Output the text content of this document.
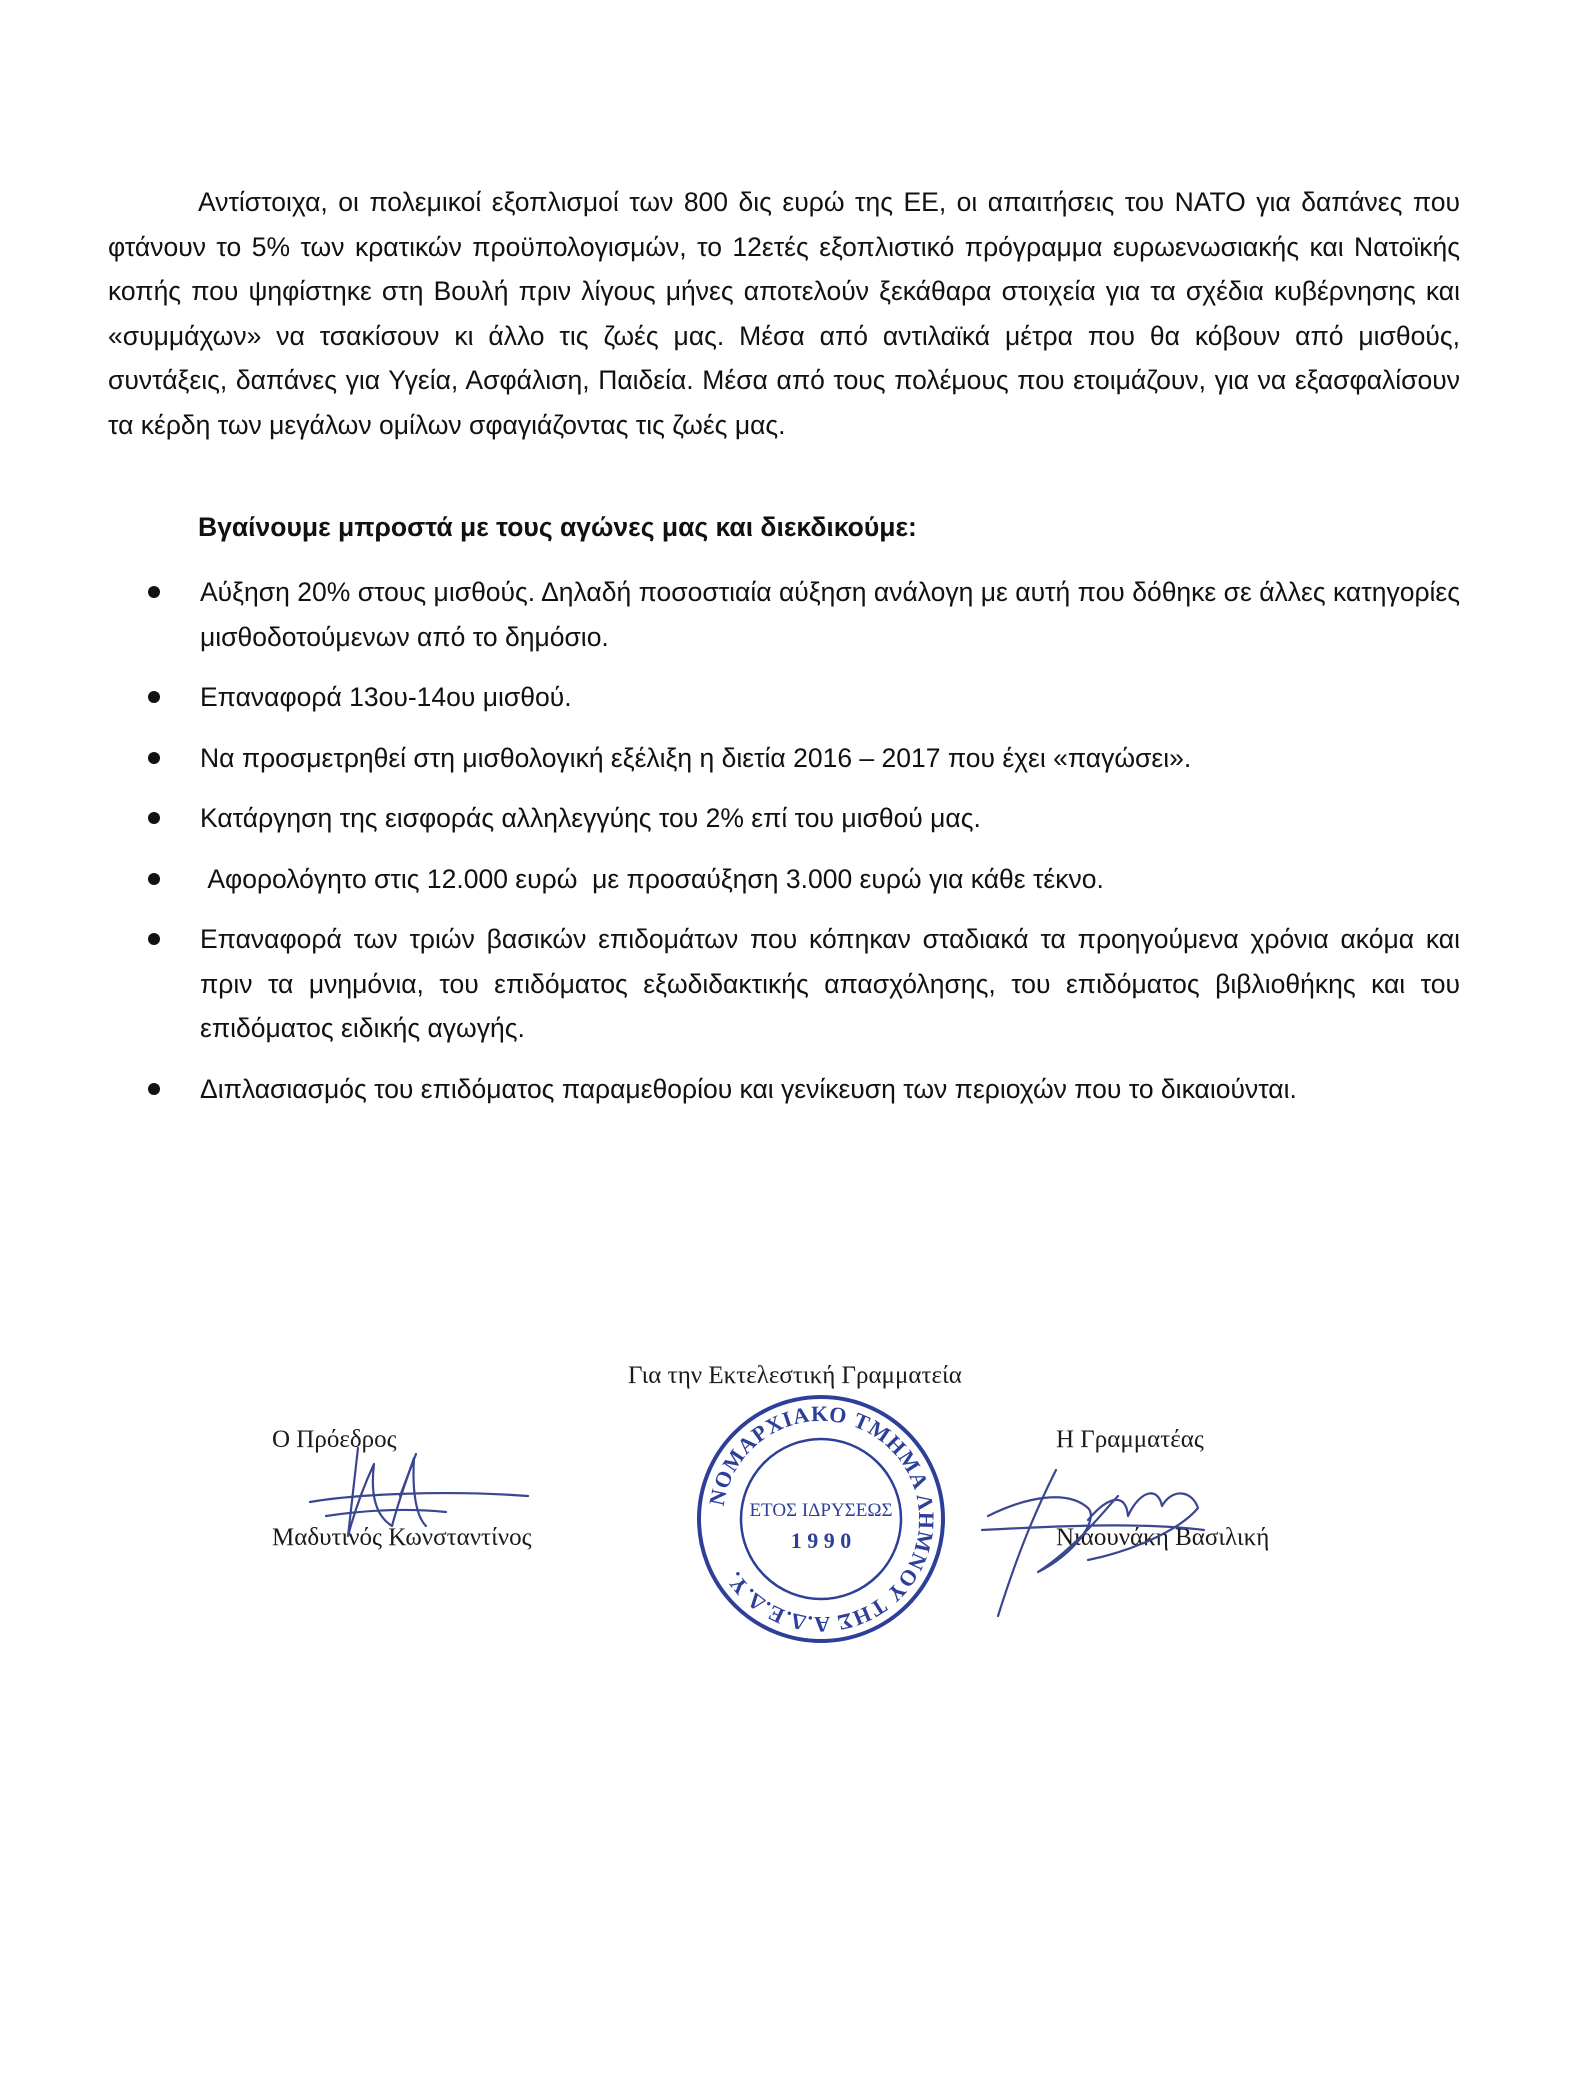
Αντίστοιχα, οι πολεμικοί εξοπλισμοί των 800 δις ευρώ της ΕΕ, οι απαιτήσεις του ΝΑΤΟ για δαπάνες που φτάνουν το 5% των κρατικών προϋπολογισμών, το 12ετές εξοπλιστικό πρόγραμμα ευρωενωσιακής και Νατοϊκής κοπής που ψηφίστηκε στη Βουλή πριν λίγους μήνες αποτελούν ξεκάθαρα στοιχεία για τα σχέδια κυβέρνησης και «συμμάχων» να τσακίσουν κι άλλο τις ζωές μας. Μέσα από αντιλαϊκά μέτρα που θα κόβουν από μισθούς, συντάξεις, δαπάνες για Υγεία, Ασφάλιση, Παιδεία. Μέσα από τους πολέμους που ετοιμάζουν, για να εξασφαλίσουν τα κέρδη των μεγάλων ομίλων σφαγιάζοντας τις ζωές μας.

Βγαίνουμε μπροστά με τους αγώνες μας και διεκδικούμε:

Αύξηση 20% στους μισθούς. Δηλαδή ποσοστιαία αύξηση ανάλογη με αυτή που δόθηκε σε άλλες κατηγορίες μισθοδοτούμενων από το δημόσιο.
Επαναφορά 13ου-14ου μισθού.
Να προσμετρηθεί στη μισθολογική εξέλιξη η διετία 2016 – 2017 που έχει «παγώσει».
Κατάργηση της εισφοράς αλληλεγγύης του 2% επί του μισθού μας.
Αφορολόγητο στις 12.000 ευρώ  με προσαύξηση 3.000 ευρώ για κάθε τέκνο.
Επαναφορά των τριών βασικών επιδομάτων που κόπηκαν σταδιακά τα προηγούμενα χρόνια ακόμα και πριν τα μνημόνια, του επιδόματος εξωδιδακτικής απασχόλησης, του επιδόματος βιβλιοθήκης και του επιδόματος ειδικής αγωγής.
Διπλασιασμός του επιδόματος παραμεθορίου και γενίκευση των περιοχών που το δικαιούνται.
Για την Εκτελεστική Γραμματεία
Ο Πρόεδρος
Μαδυτινός Κωνσταντίνος
Η Γραμματέας
Νιαουνάκη Βασιλική
ΝΟΜΑΡΧΙΑΚΟ ΤΜΗΜΑ ΛΗΜΝΟΥ ΤΗΣ Α.Δ.Ε.Δ.Υ.
ΕΤΟΣ ΙΔΡΥΣΕΩΣ
1 9 9 0
